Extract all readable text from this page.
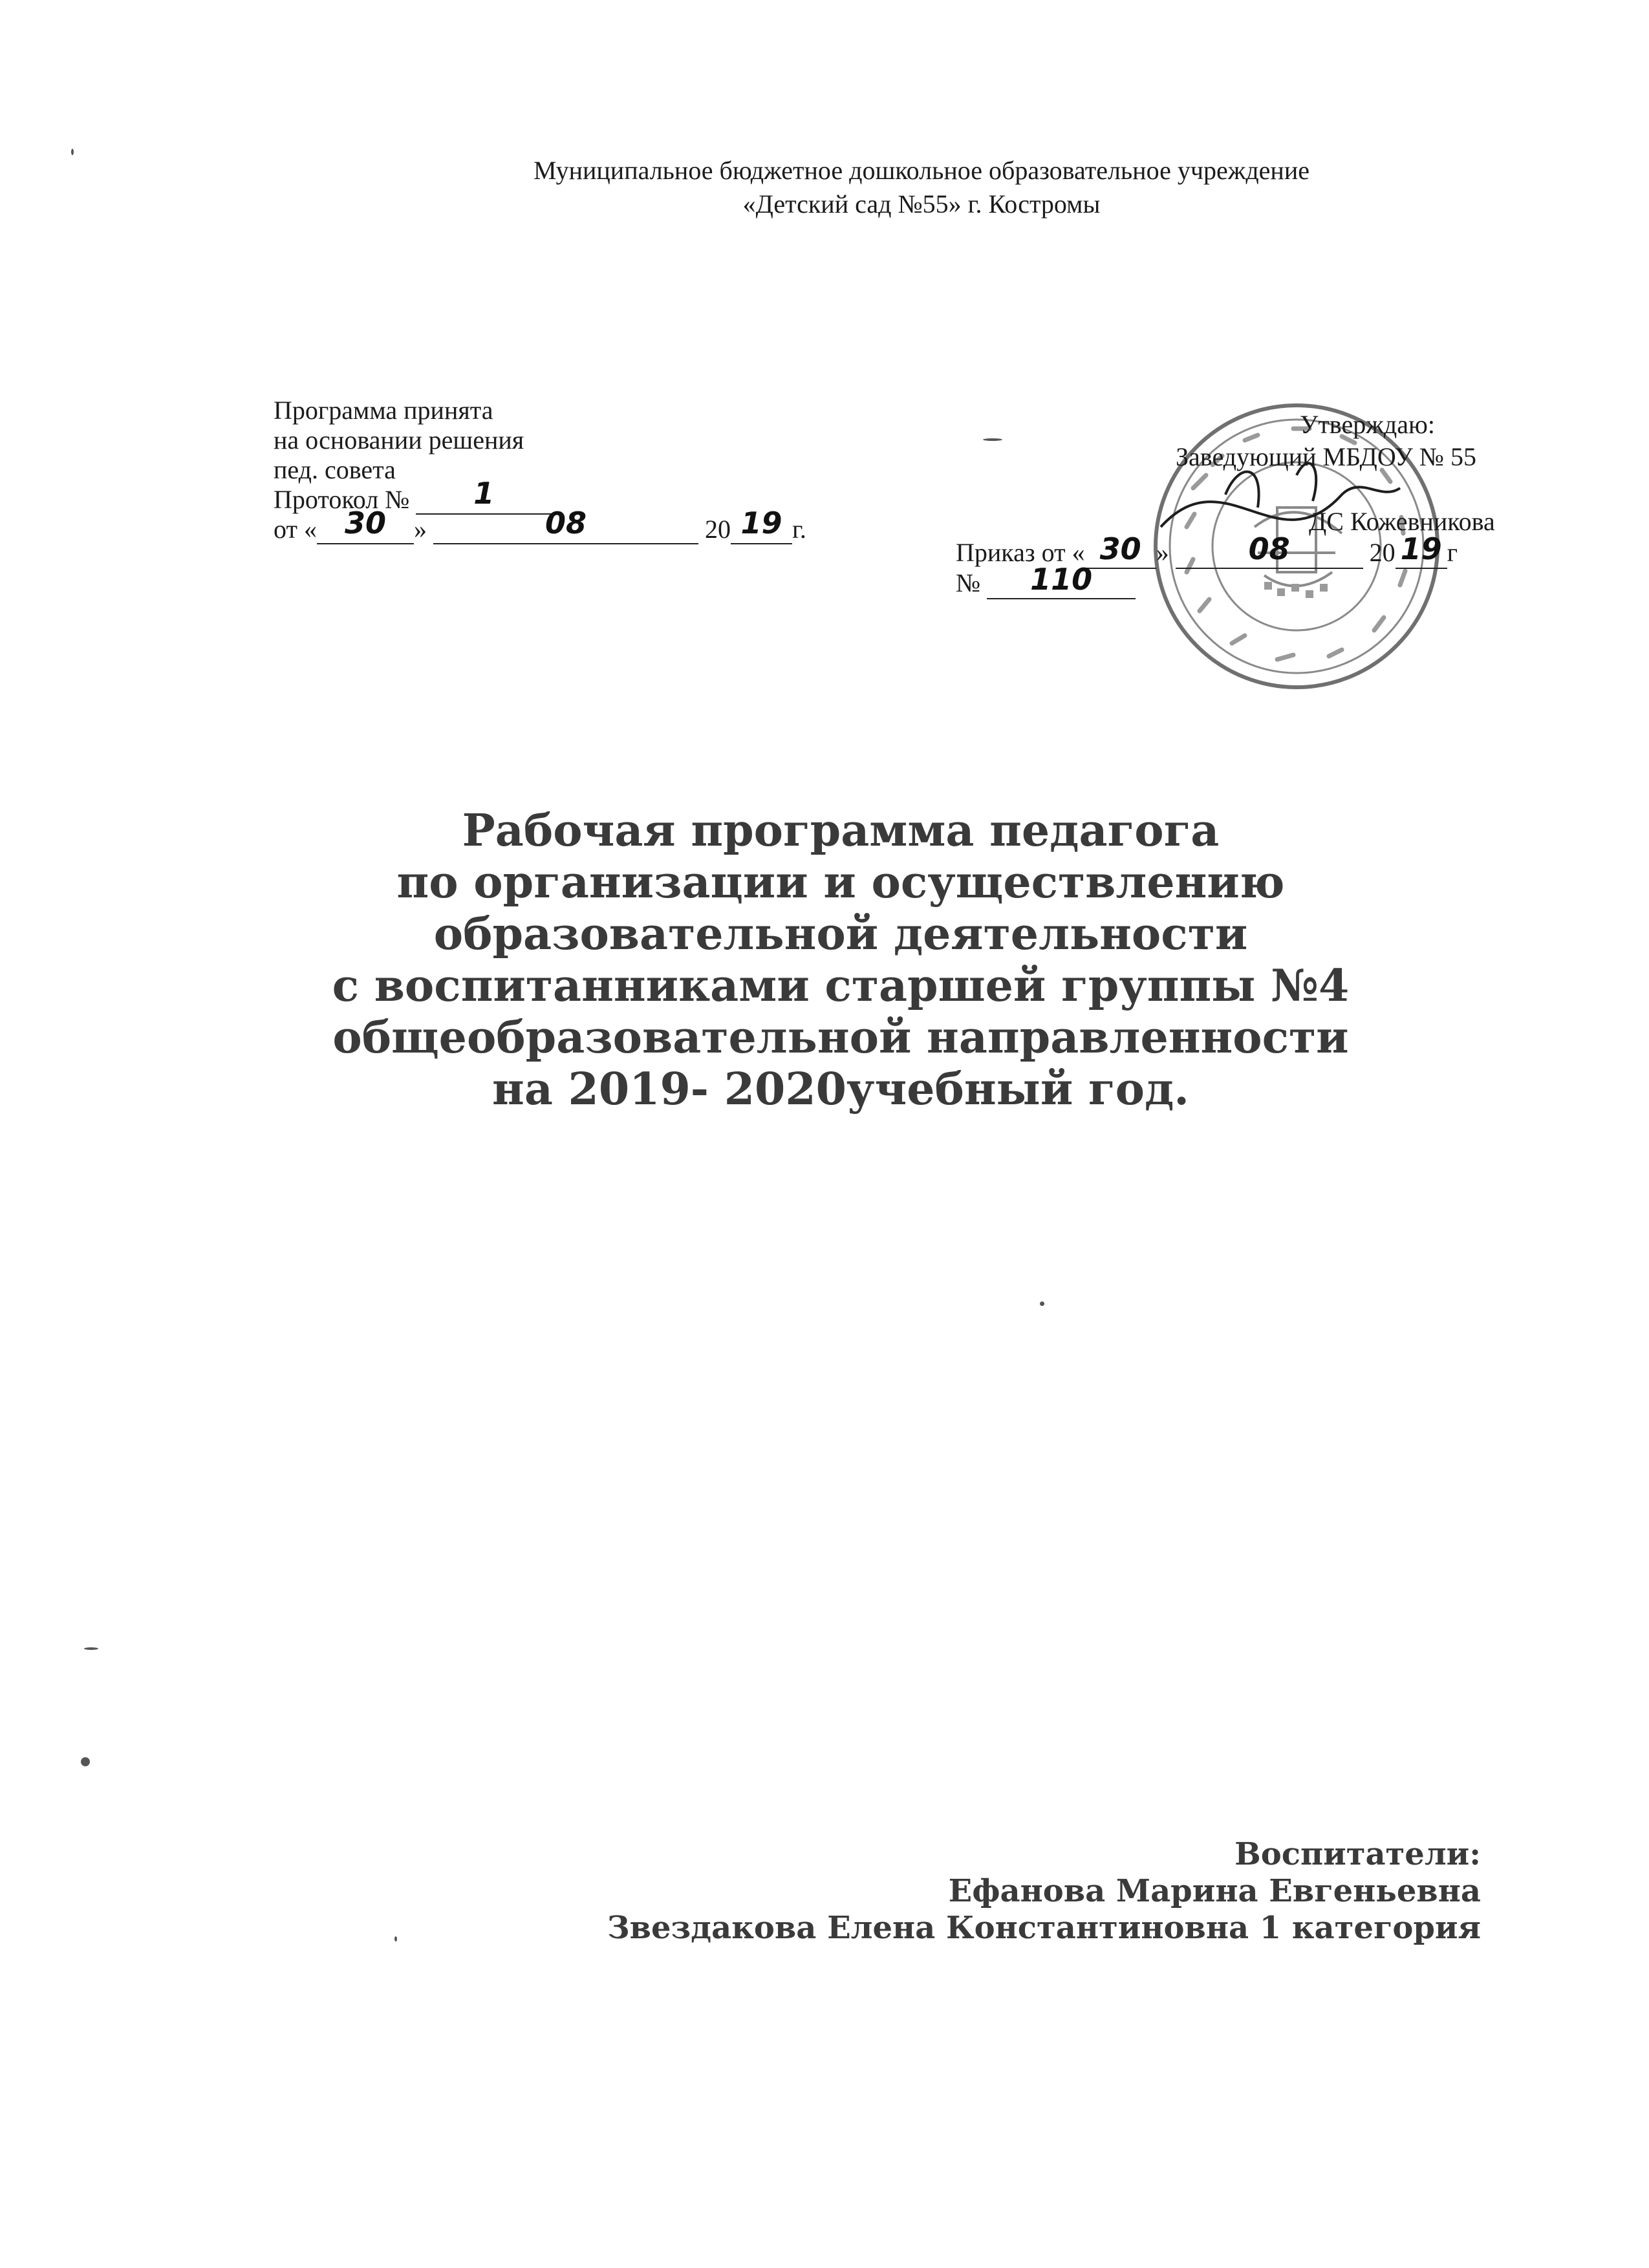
Муниципальное бюджетное дошкольное образовательное учреждение
«Детский сад №55» г. Костромы
Программа принята
на основании решения
пед. совета
Протокол № 1
от « 30 »	08	20 19 г.
Утверждаю:
Заведующий МБДОУ № 55
ДС Кожевникова
Приказ от « 30 »	08	20 19 г
№ 110
Рабочая программа педагога
по организации и осуществлению
образовательной деятельности
с воспитанниками старшей группы №4
общеобразовательной направленности
на 2019- 2020учебный год.
Воспитатели:
Ефанова Марина Евгеньевна
Звездакова Елена Константиновна 1 категория
